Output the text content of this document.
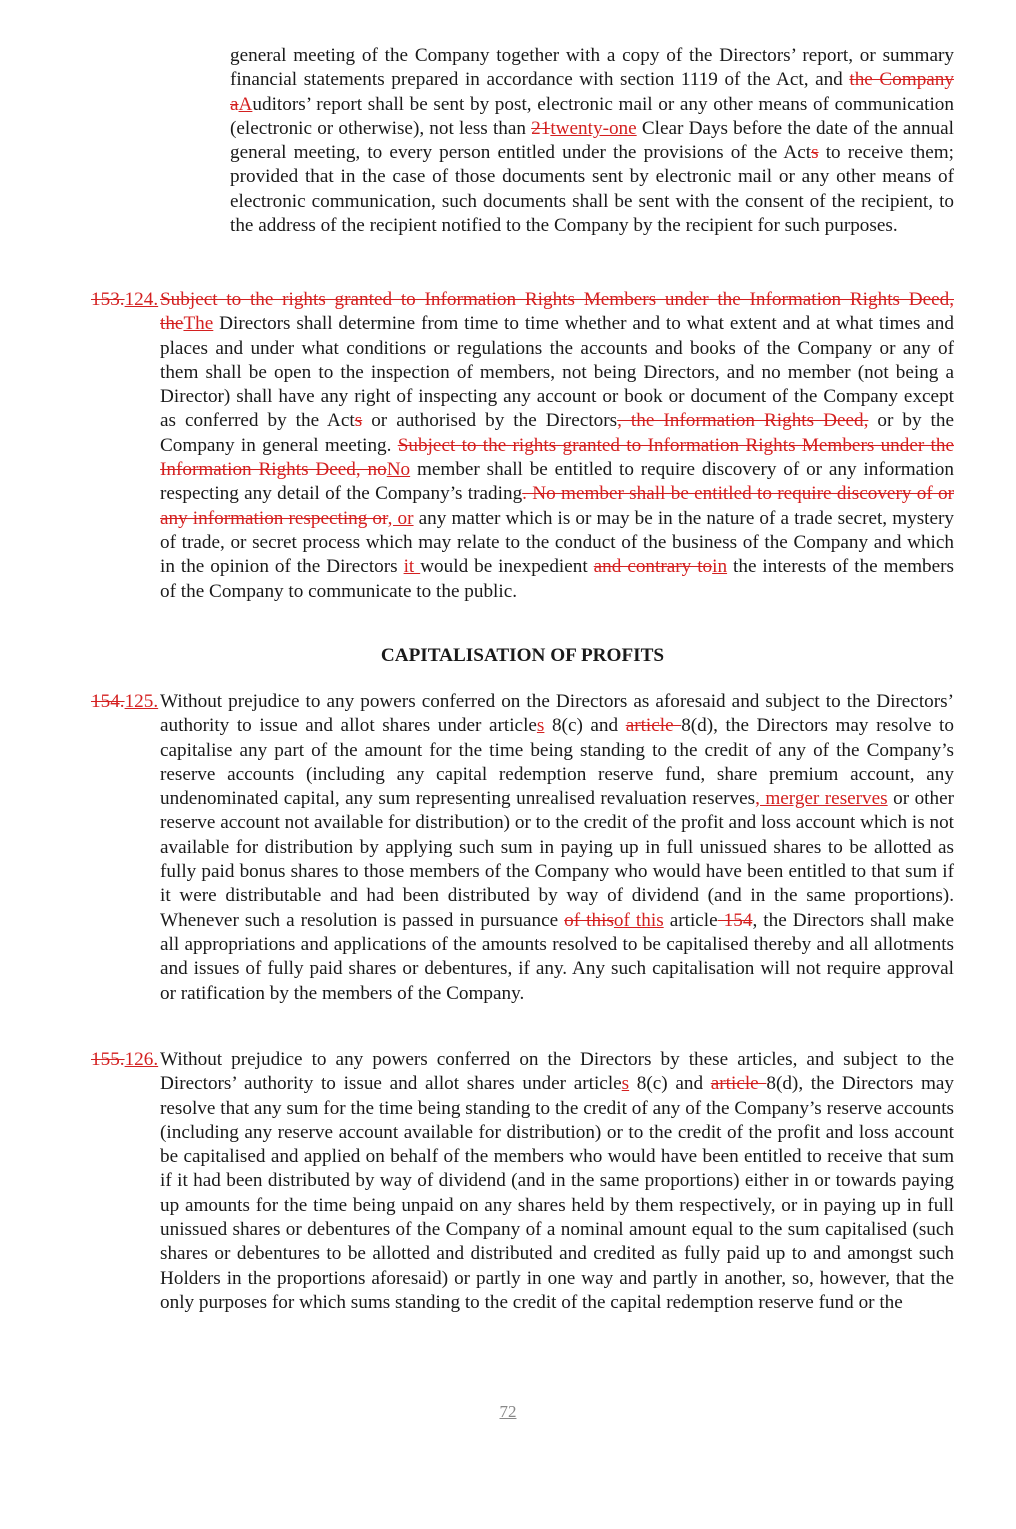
general meeting of the Company together with a copy of the Directors’ report, or summary financial statements prepared in accordance with section 1119 of the Act, and the Company aAuditors’ report shall be sent by post, electronic mail or any other means of communication (electronic or otherwise), not less than 21twenty-one Clear Days before the date of the annual general meeting, to every person entitled under the provisions of the Acts to receive them; provided that in the case of those documents sent by electronic mail or any other means of electronic communication, such documents shall be sent with the consent of the recipient, to the address of the recipient notified to the Company by the recipient for such purposes.
153.124.Subject to the rights granted to Information Rights Members under the Information Rights Deed, theThe Directors shall determine from time to time whether and to what extent and at what times and places and under what conditions or regulations the accounts and books of the Company or any of them shall be open to the inspection of members, not being Directors, and no member (not being a Director) shall have any right of inspecting any account or book or document of the Company except as conferred by the Acts or authorised by the Directors, the Information Rights Deed, or by the Company in general meeting. Subject to the rights granted to Information Rights Members under the Information Rights Deed, noNo member shall be entitled to require discovery of or any information respecting any detail of the Company’s trading. No member shall be entitled to require discovery of or any information respecting or, or any matter which is or may be in the nature of a trade secret, mystery of trade, or secret process which may relate to the conduct of the business of the Company and which in the opinion of the Directors it would be inexpedient and contrary toin the interests of the members of the Company to communicate to the public.
CAPITALISATION OF PROFITS
154.125.Without prejudice to any powers conferred on the Directors as aforesaid and subject to the Directors’ authority to issue and allot shares under articles 8(c) and article 8(d), the Directors may resolve to capitalise any part of the amount for the time being standing to the credit of any of the Company’s reserve accounts (including any capital redemption reserve fund, share premium account, any undenominated capital, any sum representing unrealised revaluation reserves, merger reserves or other reserve account not available for distribution) or to the credit of the profit and loss account which is not available for distribution by applying such sum in paying up in full unissued shares to be allotted as fully paid bonus shares to those members of the Company who would have been entitled to that sum if it were distributable and had been distributed by way of dividend (and in the same proportions). Whenever such a resolution is passed in pursuance of thisof this article 154, the Directors shall make all appropriations and applications of the amounts resolved to be capitalised thereby and all allotments and issues of fully paid shares or debentures, if any. Any such capitalisation will not require approval or ratification by the members of the Company.
155.126.Without prejudice to any powers conferred on the Directors by these articles, and subject to the Directors’ authority to issue and allot shares under articles 8(c) and article 8(d), the Directors may resolve that any sum for the time being standing to the credit of any of the Company’s reserve accounts (including any reserve account available for distribution) or to the credit of the profit and loss account be capitalised and applied on behalf of the members who would have been entitled to receive that sum if it had been distributed by way of dividend (and in the same proportions) either in or towards paying up amounts for the time being unpaid on any shares held by them respectively, or in paying up in full unissued shares or debentures of the Company of a nominal amount equal to the sum capitalised (such shares or debentures to be allotted and distributed and credited as fully paid up to and amongst such Holders in the proportions aforesaid) or partly in one way and partly in another, so, however, that the only purposes for which sums standing to the credit of the capital redemption reserve fund or the
72
